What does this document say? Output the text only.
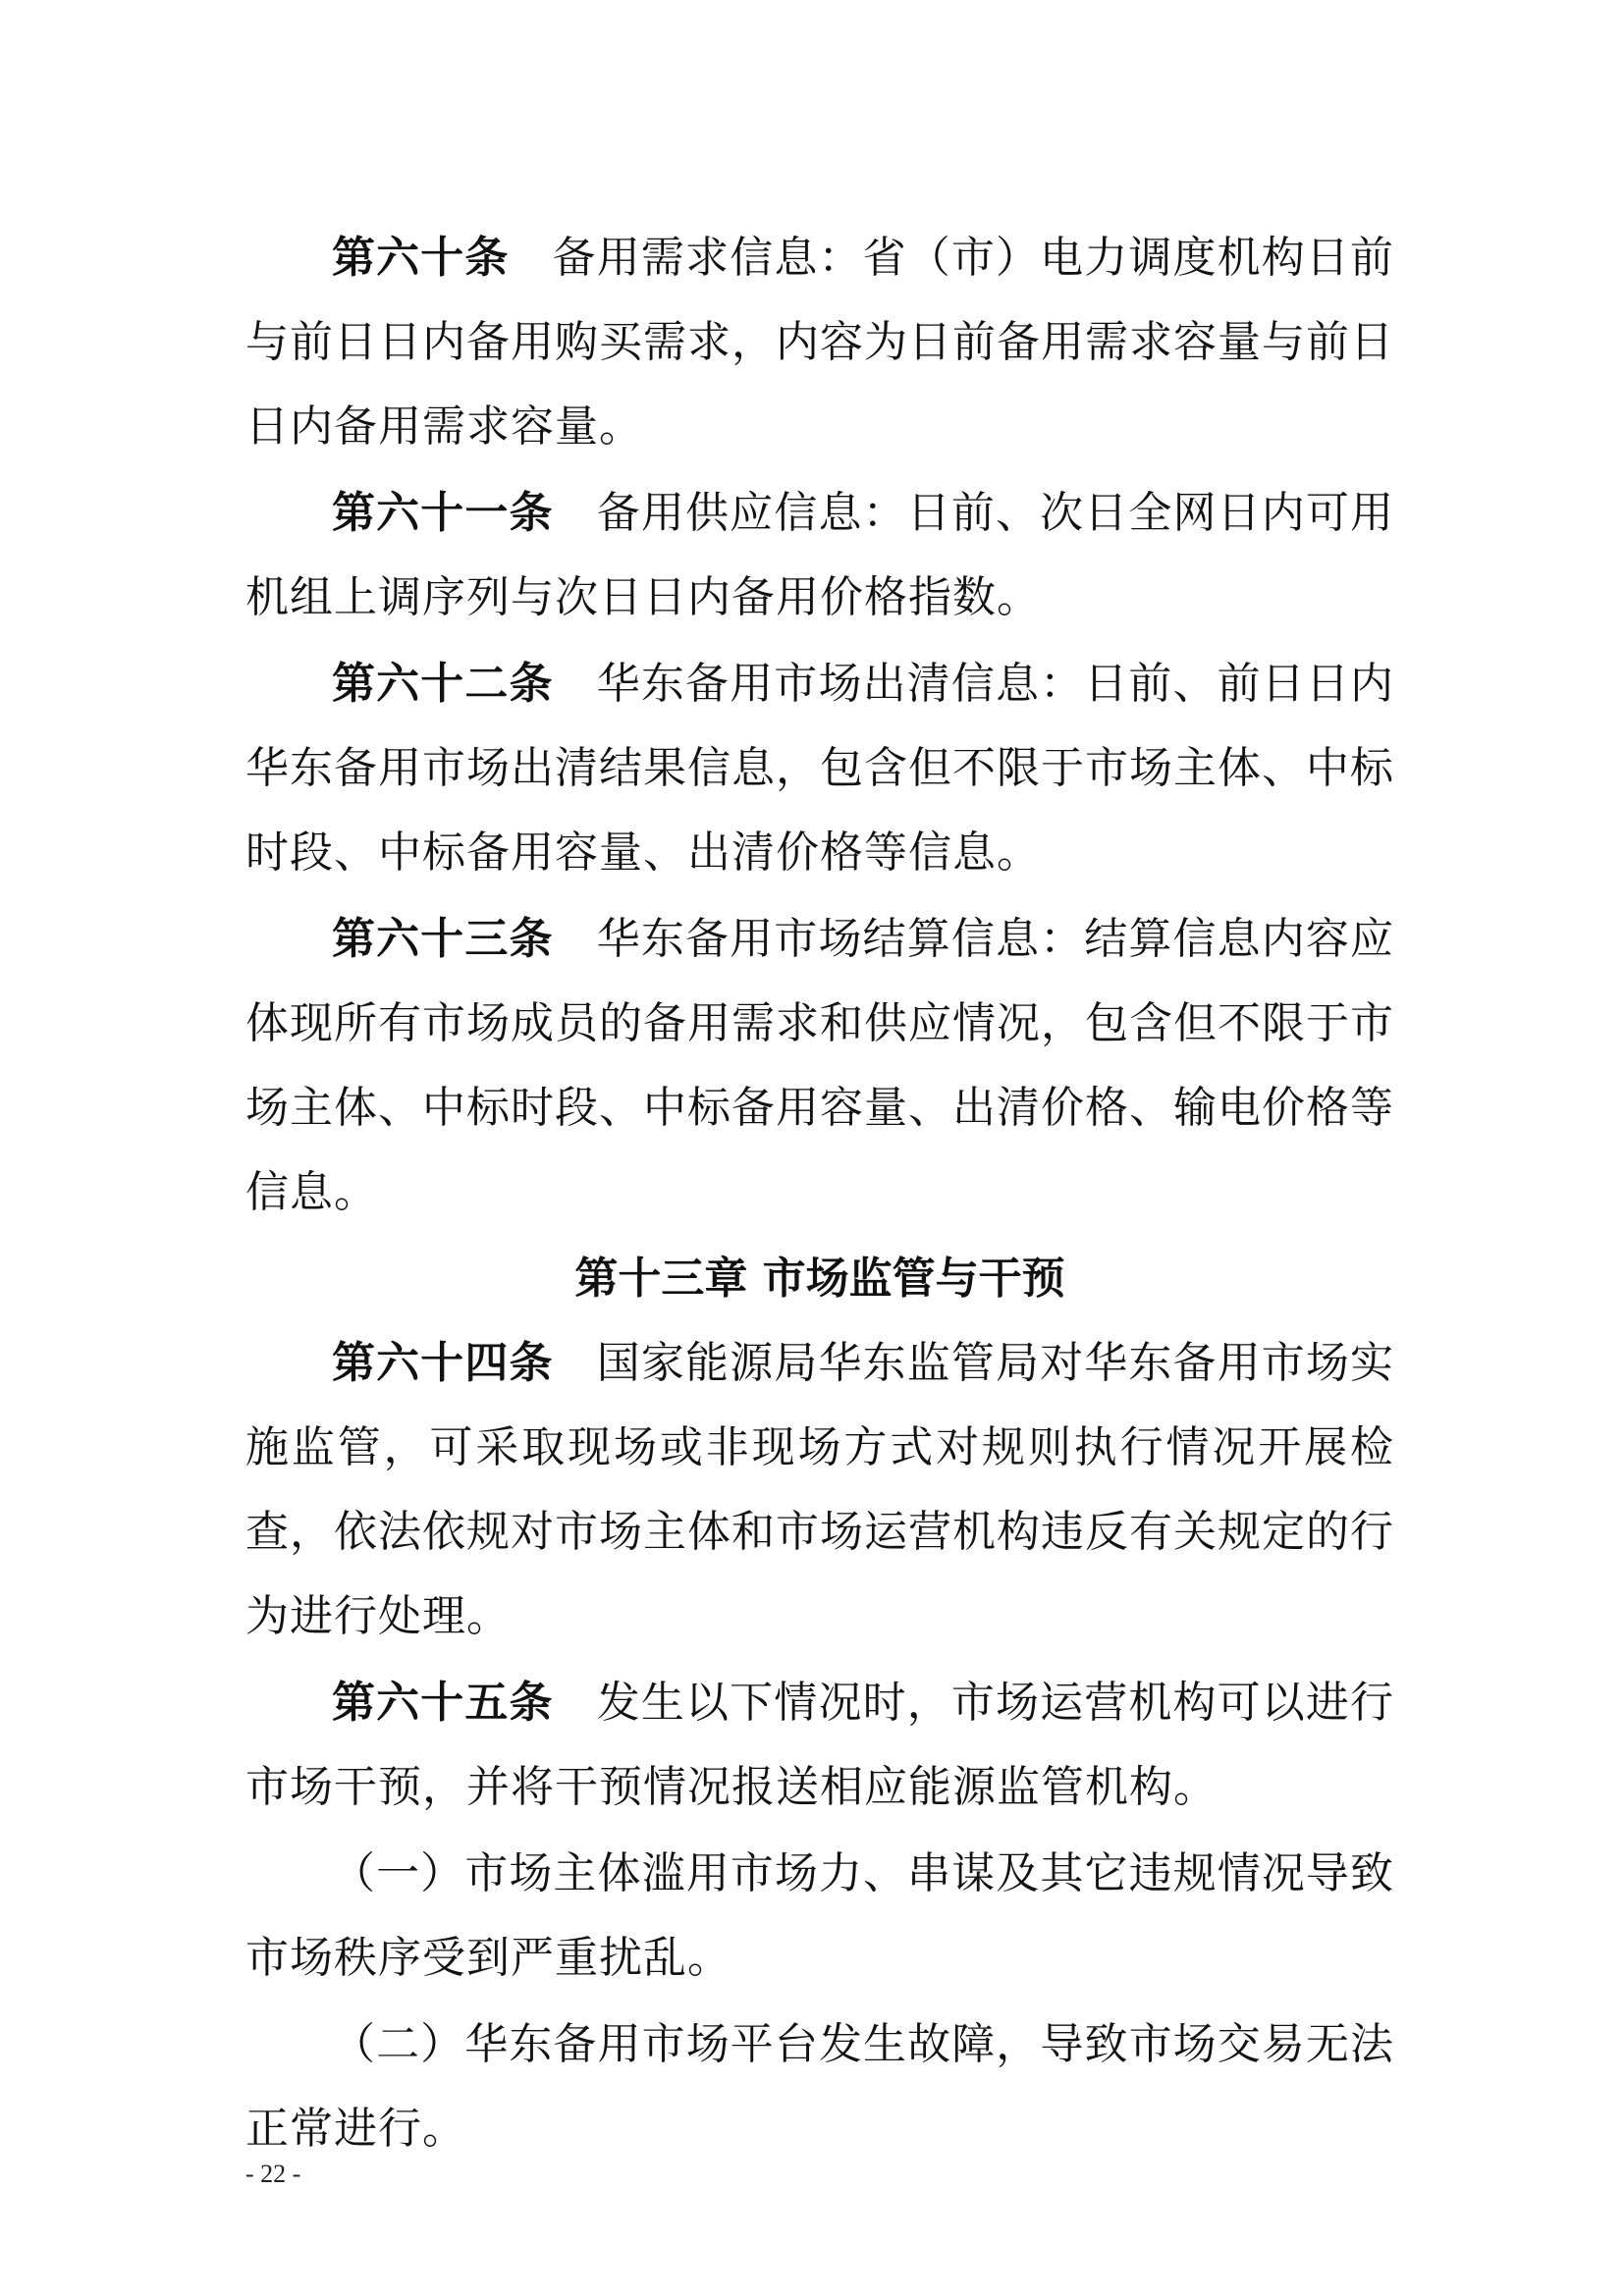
第六十条 备用需求信息：省（市）电力调度机构日前与前日日内备用购买需求，内容为日前备用需求容量与前日日内备用需求容量。

第六十一条 备用供应信息：日前、次日全网日内可用机组上调序列与次日日内备用价格指数。

第六十二条 华东备用市场出清信息：日前、前日日内华东备用市场出清结果信息，包含但不限于市场主体、中标时段、中标备用容量、出清价格等信息。

第六十三条 华东备用市场结算信息：结算信息内容应体现所有市场成员的备用需求和供应情况，包含但不限于市场主体、中标时段、中标备用容量、出清价格、输电价格等信息。

第十三章 市场监管与干预

第六十四条 国家能源局华东监管局对华东备用市场实施监管，可采取现场或非现场方式对规则执行情况开展检查，依法依规对市场主体和市场运营机构违反有关规定的行为进行处理。

第六十五条 发生以下情况时，市场运营机构可以进行市场干预，并将干预情况报送相应能源监管机构。

（一）市场主体滥用市场力、串谋及其它违规情况导致市场秩序受到严重扰乱。

（二）华东备用市场平台发生故障，导致市场交易无法正常进行。

- 22 -
